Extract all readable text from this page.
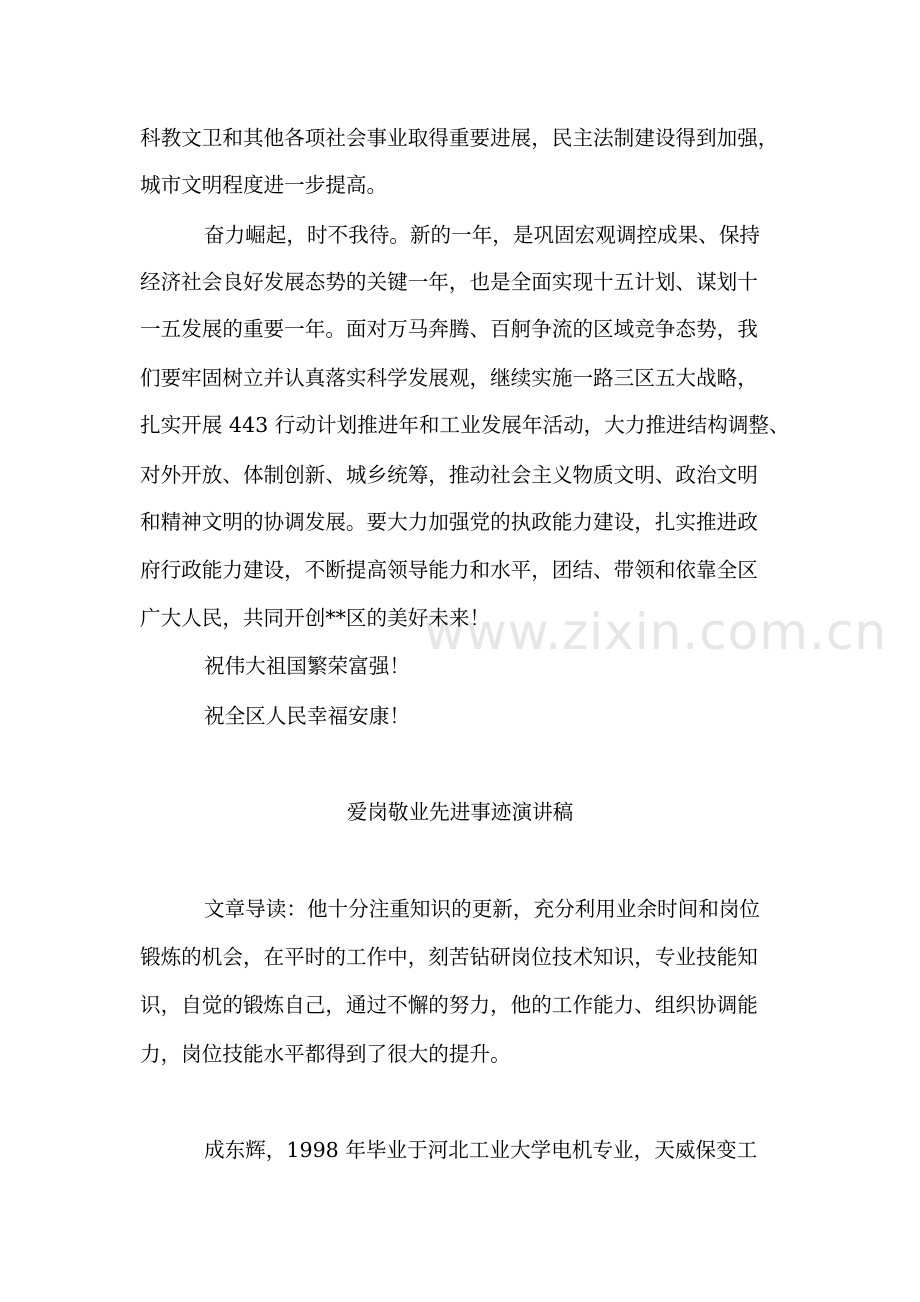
www.zixin.com.cn
科教文卫和其他各项社会事业取得重要进展，民主法制建设得到加强，
城市文明程度进一步提高。
奋力崛起，时不我待。新的一年，是巩固宏观调控成果、保持
经济社会良好发展态势的关键一年，也是全面实现十五计划、谋划十
一五发展的重要一年。面对万马奔腾、百舸争流的区域竞争态势，我
们要牢固树立并认真落实科学发展观，继续实施一路三区五大战略，
扎实开展 443 行动计划推进年和工业发展年活动，大力推进结构调整、
对外开放、体制创新、城乡统筹，推动社会主义物质文明、政治文明
和精神文明的协调发展。要大力加强党的执政能力建设，扎实推进政
府行政能力建设，不断提高领导能力和水平，团结、带领和依靠全区
广大人民，共同开创**区的美好未来！
祝伟大祖国繁荣富强！
祝全区人民幸福安康！
爱岗敬业先进事迹演讲稿
文章导读：他十分注重知识的更新，充分利用业余时间和岗位
锻炼的机会，在平时的工作中，刻苦钻研岗位技术知识，专业技能知
识，自觉的锻炼自己，通过不懈的努力，他的工作能力、组织协调能
力，岗位技能水平都得到了很大的提升。
成东辉，1998 年毕业于河北工业大学电机专业，天威保变工
